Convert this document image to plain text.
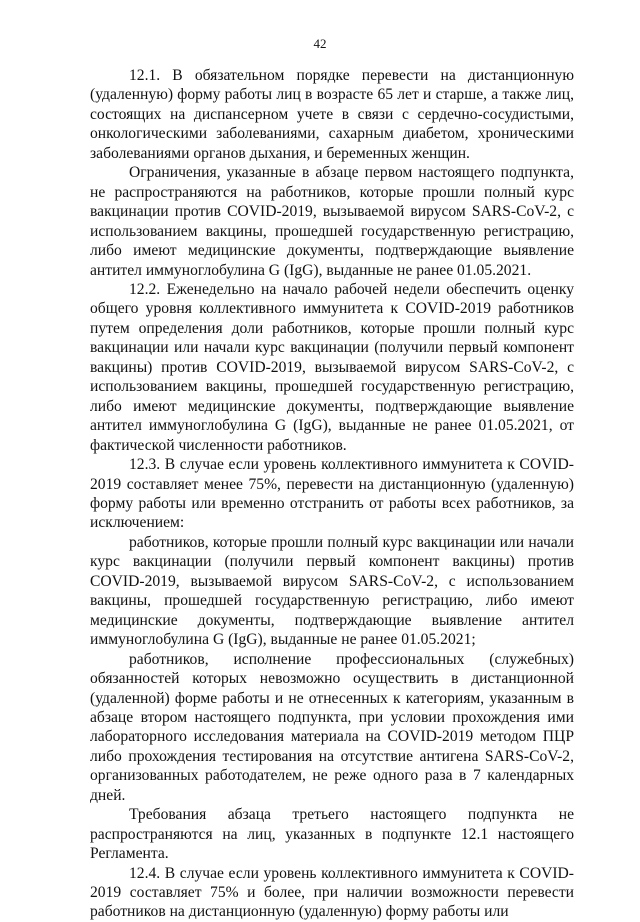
42

12.1. В обязательном порядке перевести на дистанционную (удаленную) форму работы лиц в возрасте 65 лет и старше, а также лиц, состоящих на диспансерном учете в связи с сердечно-сосудистыми, онкологическими заболеваниями, сахарным диабетом, хроническими заболеваниями органов дыхания, и беременных женщин.

Ограничения, указанные в абзаце первом настоящего подпункта, не распространяются на работников, которые прошли полный курс вакцинации против COVID-2019, вызываемой вирусом SARS-CoV-2, с использованием вакцины, прошедшей государственную регистрацию, либо имеют медицинские документы, подтверждающие выявление антител иммуноглобулина G (IgG), выданные не ранее 01.05.2021.

12.2. Еженедельно на начало рабочей недели обеспечить оценку общего уровня коллективного иммунитета к COVID-2019 работников путем определения доли работников, которые прошли полный курс вакцинации или начали курс вакцинации (получили первый компонент вакцины) против COVID-2019, вызываемой вирусом SARS-CoV-2, с использованием вакцины, прошедшей государственную регистрацию, либо имеют медицинские документы, подтверждающие выявление антител иммуноглобулина G (IgG), выданные не ранее 01.05.2021, от фактической численности работников.

12.3. В случае если уровень коллективного иммунитета к COVID-2019 составляет менее 75%, перевести на дистанционную (удаленную) форму работы или временно отстранить от работы всех работников, за исключением:

работников, которые прошли полный курс вакцинации или начали курс вакцинации (получили первый компонент вакцины) против COVID-2019, вызываемой вирусом SARS-CoV-2, с использованием вакцины, прошедшей государственную регистрацию, либо имеют медицинские документы, подтверждающие выявление антител иммуноглобулина G (IgG), выданные не ранее 01.05.2021;

работников, исполнение профессиональных (служебных) обязанностей которых невозможно осуществить в дистанционной (удаленной) форме работы и не отнесенных к категориям, указанным в абзаце втором настоящего подпункта, при условии прохождения ими лабораторного исследования материала на COVID-2019 методом ПЦР либо прохождения тестирования на отсутствие антигена SARS-CoV-2, организованных работодателем, не реже одного раза в 7 календарных дней.

Требования абзаца третьего настоящего подпункта не распространяются на лиц, указанных в подпункте 12.1 настоящего Регламента.

12.4. В случае если уровень коллективного иммунитета к COVID-2019 составляет 75% и более, при наличии возможности перевести работников на дистанционную (удаленную) форму работы или
